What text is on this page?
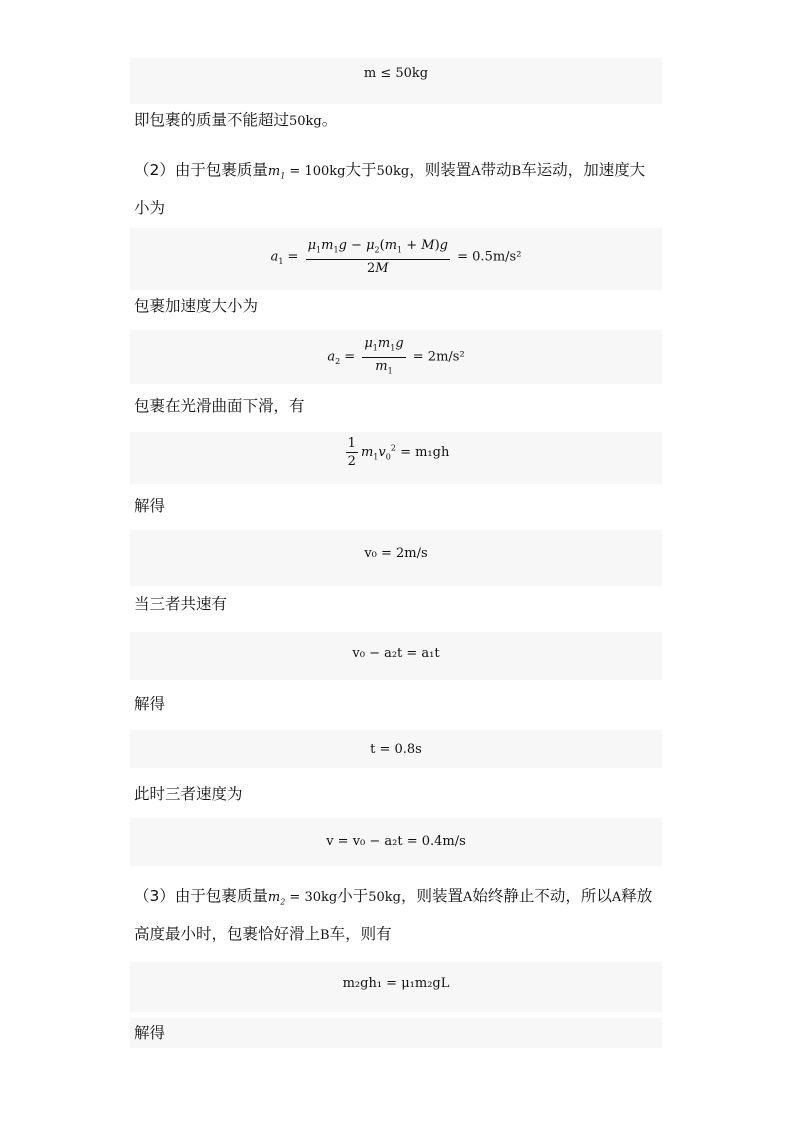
m ≤ 50kg
即包裹的质量不能超过50kg。
（2）由于包裹质量$m_1 = 100kg$大于50kg，则装置A带动B车运动，加速度大
小为
$a_1 = \frac{\mu_1m_1g - \mu_2(m_1 + M)g}{2M} = 0.5m/s^2$
包裹加速度大小为
$a_2 = \frac{\mu_1m_1g}{m_1} = 2m/s^2$
包裹在光滑曲面下滑，有
$\frac{1}{2} m_1v_0^2 = m_1gh$
解得
v₀ = 2m/s
当三者共速有
v₀ − a₂t = a₁t
解得
t = 0.8s
此时三者速度为
v = v₀ − a₂t = 0.4m/s
（3）由于包裹质量$m_2 = 30kg$小于50kg，则装置A始终静止不动，所以A释放
高度最小时，包裹恰好滑上B车，则有
m₂gh₁ = μ₁m₂gL
解得
